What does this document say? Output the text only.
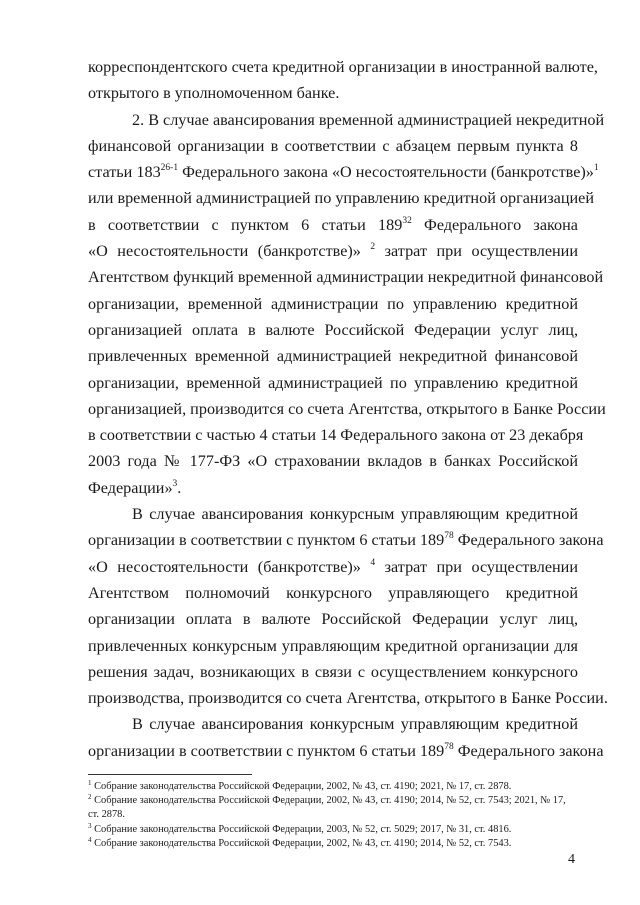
корреспондентского счета кредитной организации в иностранной валюте,
открытого в уполномоченном банке.
2. В случае авансирования временной администрацией некредитной
финансовой организации в соответствии с абзацем первым пункта 8
статьи 183$^{26-1}$ Федерального закона «О несостоятельности (банкротстве)»$^1$
или временной администрацией по управлению кредитной организацией
в соответствии с пунктом 6 статьи $189^{32}$ Федерального закона
«О несостоятельности (банкротстве)» $^2$ затрат при осуществлении
Агентством функций временной администрации некредитной финансовой
организации, временной администрации по управлению кредитной
организацией оплата в валюте Российской Федерации услуг лиц,
привлеченных временной администрацией некредитной финансовой
организации, временной администрацией по управлению кредитной
организацией, производится со счета Агентства, открытого в Банке России
в соответствии с частью 4 статьи 14 Федерального закона от 23 декабря
2003 года № 177-ФЗ «О страховании вкладов в банках Российской
Федерации»$^3$.
В случае авансирования конкурсным управляющим кредитной
организации в соответствии с пунктом 6 статьи $189^{78}$ Федерального закона
«О несостоятельности (банкротстве)» $^4$ затрат при осуществлении
Агентством полномочий конкурсного управляющего кредитной
организации оплата в валюте Российской Федерации услуг лиц,
привлеченных конкурсным управляющим кредитной организации для
решения задач, возникающих в связи с осуществлением конкурсного
производства, производится со счета Агентства, открытого в Банке России.
В случае авансирования конкурсным управляющим кредитной
организации в соответствии с пунктом 6 статьи $189^{78}$ Федерального закона
$^1$ Собрание законодательства Российской Федерации, 2002, № 43, ст. 4190; 2021, № 17, ст. 2878.
$^2$ Собрание законодательства Российской Федерации, 2002, № 43, ст. 4190; 2014, № 52, ст. 7543; 2021, № 17, ст. 2878.
$^3$ Собрание законодательства Российской Федерации, 2003, № 52, ст. 5029; 2017, № 31, ст. 4816.
$^4$ Собрание законодательства Российской Федерации, 2002, № 43, ст. 4190; 2014, № 52, ст. 7543.
4
